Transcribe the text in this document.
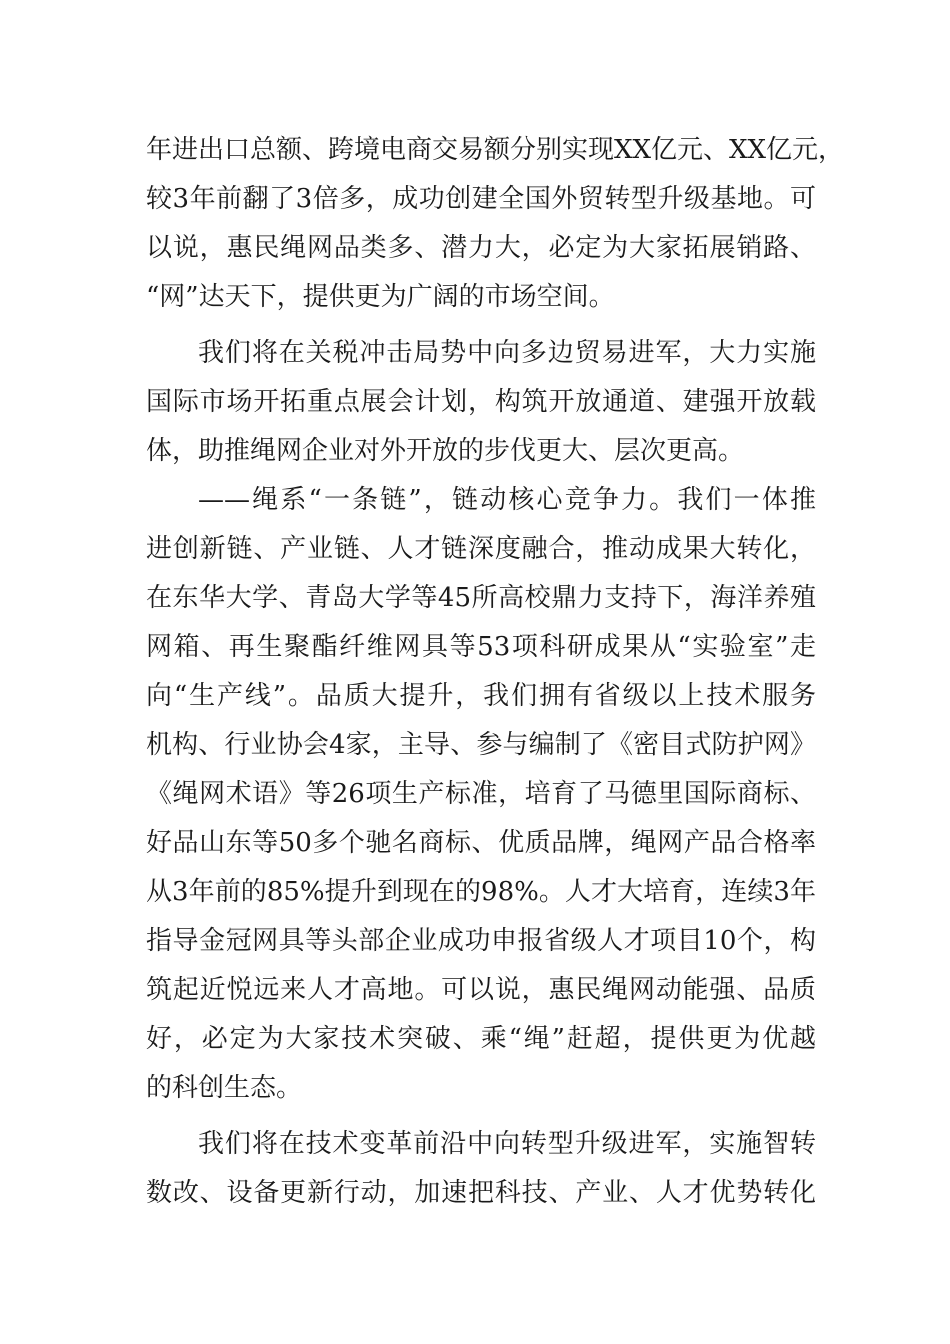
年进出口总额、跨境电商交易额分别实现XX亿元、XX亿元，
较3年前翻了3倍多，成功创建全国外贸转型升级基地。可
以说，惠民绳网品类多、潜力大，必定为大家拓展销路、
“网”达天下，提供更为广阔的市场空间。
我们将在关税冲击局势中向多边贸易进军，大力实施
国际市场开拓重点展会计划，构筑开放通道、建强开放载
体，助推绳网企业对外开放的步伐更大、层次更高。
——绳系“一条链”，链动核心竞争力。我们一体推
进创新链、产业链、人才链深度融合，推动成果大转化，
在东华大学、青岛大学等45所高校鼎力支持下，海洋养殖
网箱、再生聚酯纤维网具等53项科研成果从“实验室”走
向“生产线”。品质大提升，我们拥有省级以上技术服务
机构、行业协会4家，主导、参与编制了《密目式防护网》
《绳网术语》等26项生产标准，培育了马德里国际商标、
好品山东等50多个驰名商标、优质品牌，绳网产品合格率
从3年前的85%提升到现在的98%。人才大培育，连续3年
指导金冠网具等头部企业成功申报省级人才项目10个，构
筑起近悦远来人才高地。可以说，惠民绳网动能强、品质
好，必定为大家技术突破、乘“绳”赶超，提供更为优越
的科创生态。
我们将在技术变革前沿中向转型升级进军，实施智转
数改、设备更新行动，加速把科技、产业、人才优势转化
